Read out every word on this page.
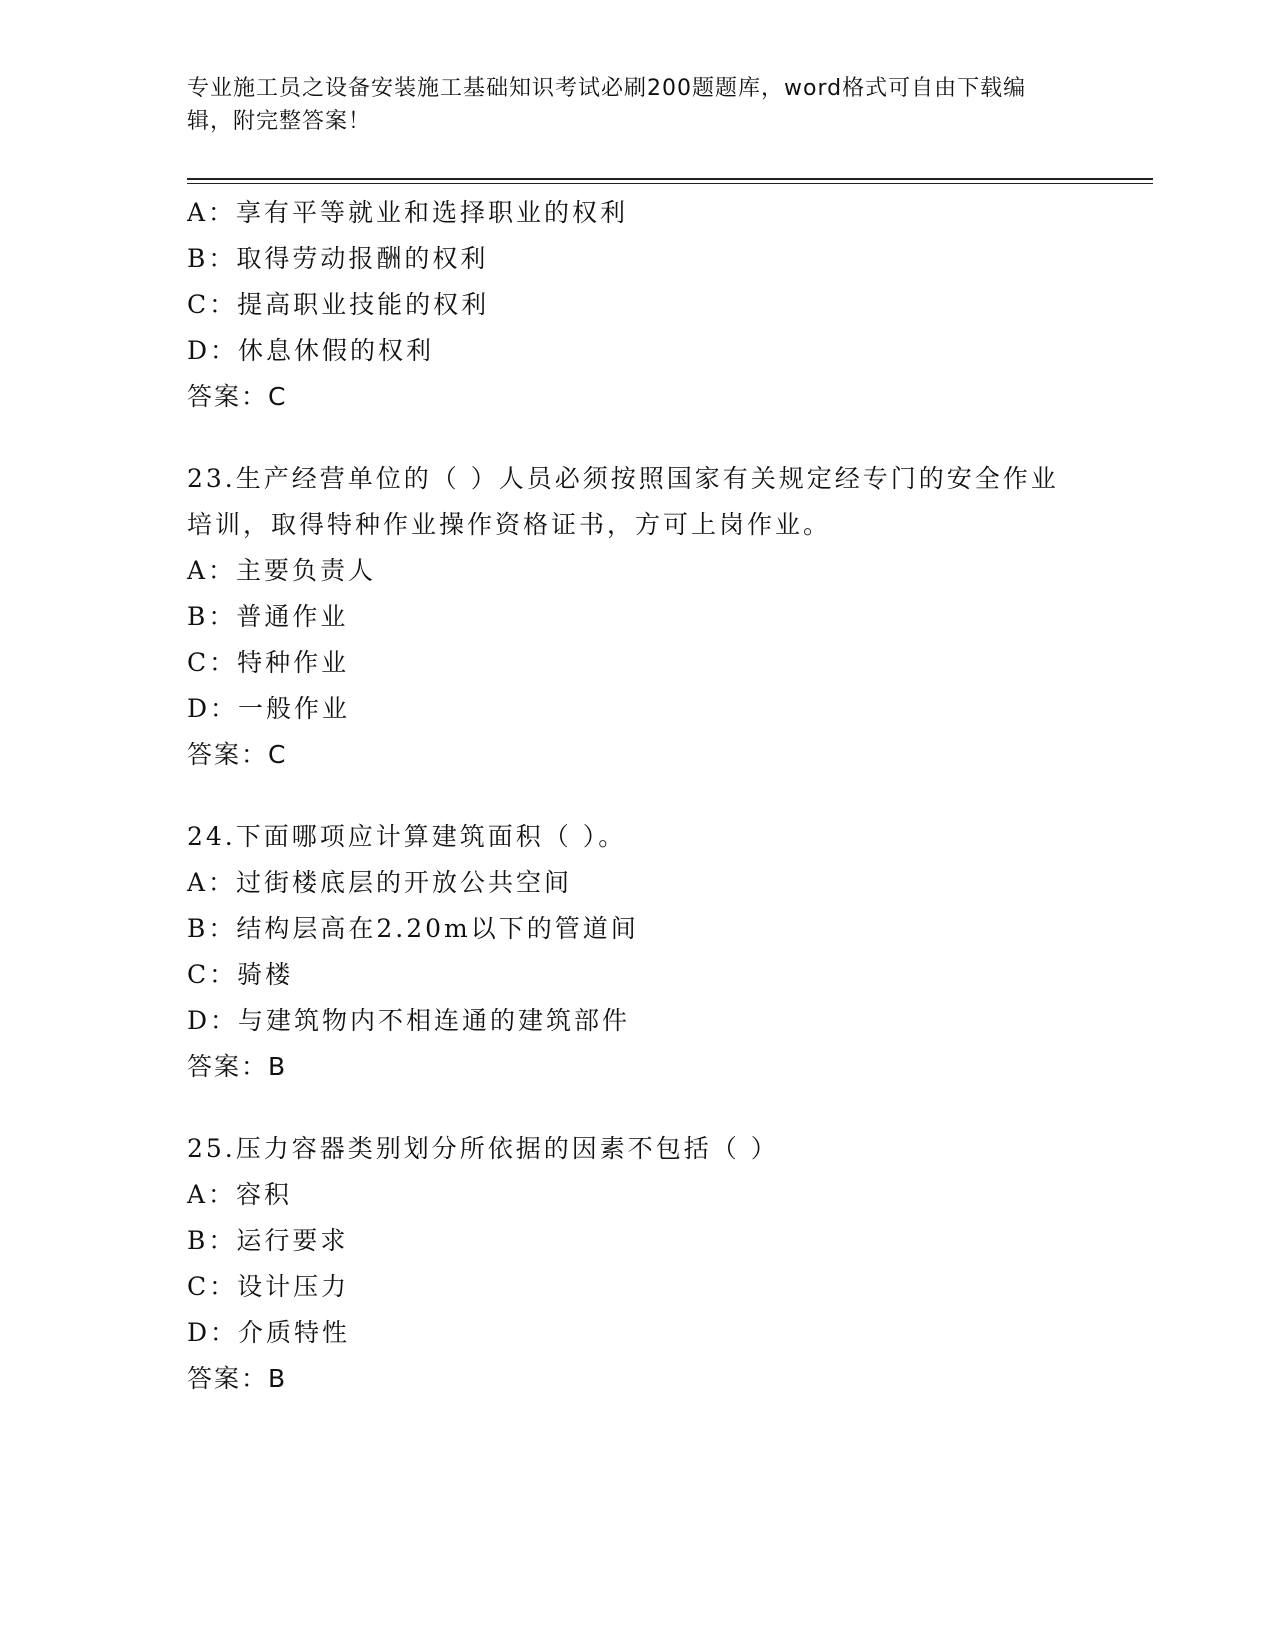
专业施工员之设备安装施工基础知识考试必刷200题题库，word格式可自由下载编辑，附完整答案！
A：享有平等就业和选择职业的权利
B：取得劳动报酬的权利
C：提高职业技能的权利
D：休息休假的权利
答案：C
23.生产经营单位的（ ）人员必须按照国家有关规定经专门的安全作业培训，取得特种作业操作资格证书，方可上岗作业。
A：主要负责人
B：普通作业
C：特种作业
D：一般作业
答案：C
24.下面哪项应计算建筑面积（ ）。
A：过街楼底层的开放公共空间
B：结构层高在2.20m以下的管道间
C：骑楼
D：与建筑物内不相连通的建筑部件
答案：B
25.压力容器类别划分所依据的因素不包括（ ）
A：容积
B：运行要求
C：设计压力
D：介质特性
答案：B
